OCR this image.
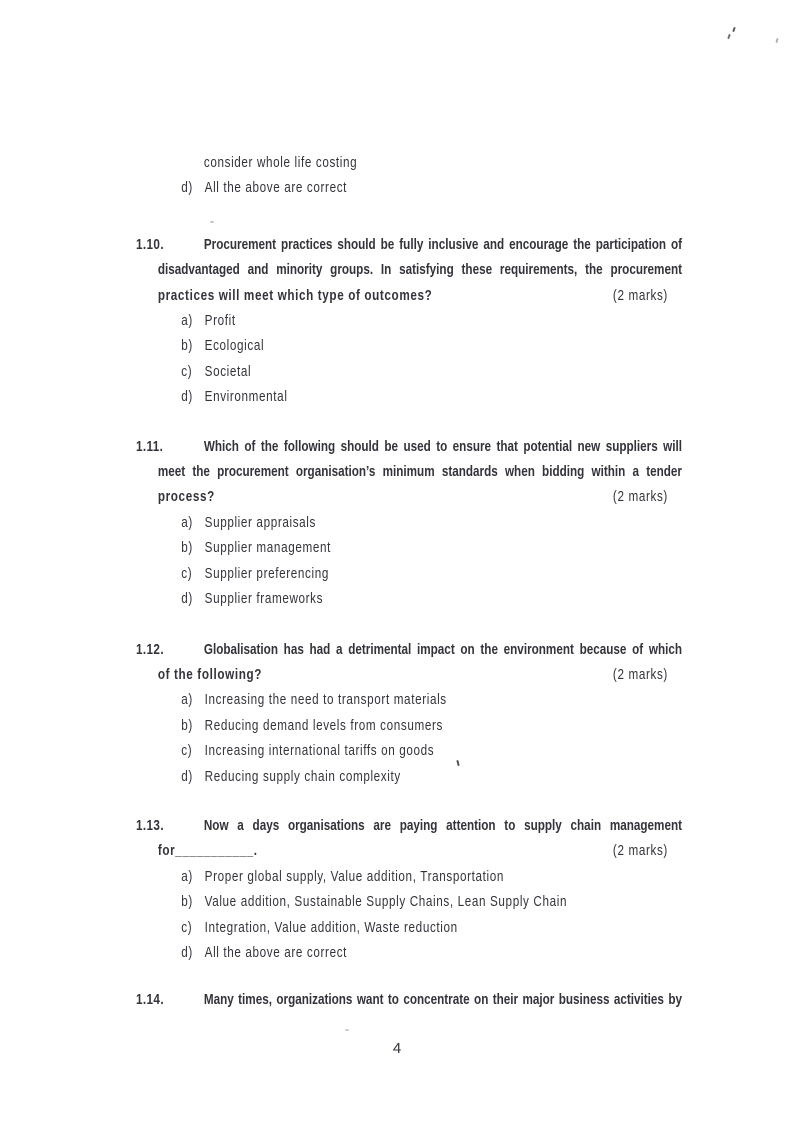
consider whole life costing
d) All the above are correct
1.10.	Procurement practices should be fully inclusive and encourage the participation of
disadvantaged and minority groups. In satisfying these requirements, the procurement
practices will meet which type of outcomes?	(2 marks)
a) Profit
b) Ecological
c) Societal
d) Environmental
1.11.	Which of the following should be used to ensure that potential new suppliers will
meet the procurement organisation’s minimum standards when bidding within a tender
process?	(2 marks)
a) Supplier appraisals
b) Supplier management
c) Supplier preferencing
d) Supplier frameworks
1.12.	Globalisation has had a detrimental impact on the environment because of which
of the following?	(2 marks)
a) Increasing the need to transport materials
b) Reducing demand levels from consumers
c) Increasing international tariffs on goods
d) Reducing supply chain complexity
1.13.	Now a days organisations are paying attention to supply chain management
for___________.	(2 marks)
a) Proper global supply, Value addition, Transportation
b) Value addition, Sustainable Supply Chains, Lean Supply Chain
c) Integration, Value addition, Waste reduction
d) All the above are correct
1.14.	Many times, organizations want to concentrate on their major business activities by
4
